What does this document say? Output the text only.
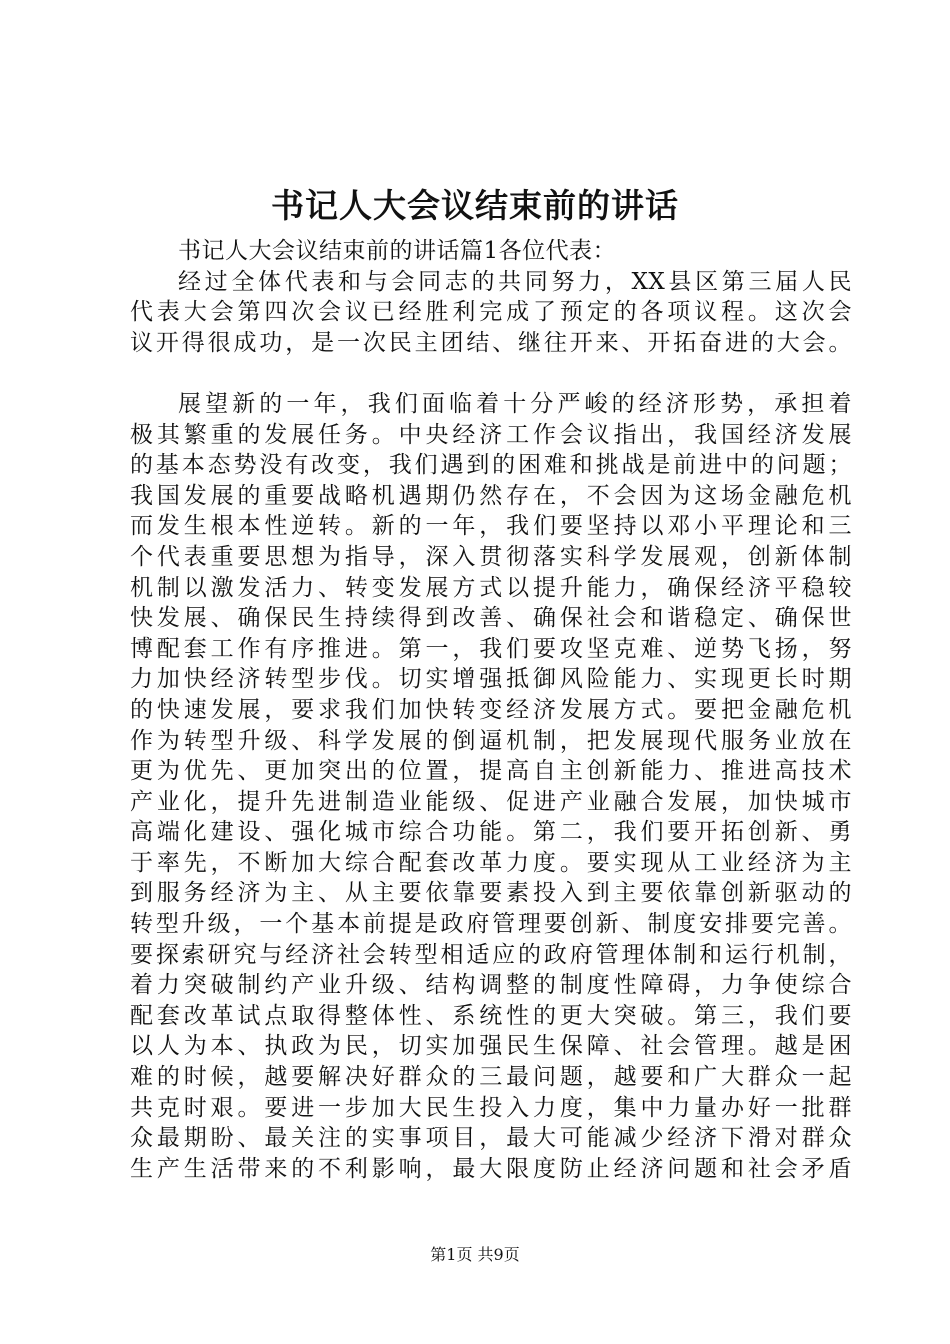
书记人大会议结束前的讲话
书记人大会议结束前的讲话篇1各位代表：
经过全体代表和与会同志的共同努力，XX县区第三届人民
代表大会第四次会议已经胜利完成了预定的各项议程。这次会
议开得很成功，是一次民主团结、继往开来、开拓奋进的大会。
展望新的一年，我们面临着十分严峻的经济形势，承担着
极其繁重的发展任务。中央经济工作会议指出，我国经济发展
的基本态势没有改变，我们遇到的困难和挑战是前进中的问题；
我国发展的重要战略机遇期仍然存在，不会因为这场金融危机
而发生根本性逆转。新的一年，我们要坚持以邓小平理论和三
个代表重要思想为指导，深入贯彻落实科学发展观，创新体制
机制以激发活力、转变发展方式以提升能力，确保经济平稳较
快发展、确保民生持续得到改善、确保社会和谐稳定、确保世
博配套工作有序推进。第一，我们要攻坚克难、逆势飞扬，努
力加快经济转型步伐。切实增强抵御风险能力、实现更长时期
的快速发展，要求我们加快转变经济发展方式。要把金融危机
作为转型升级、科学发展的倒逼机制，把发展现代服务业放在
更为优先、更加突出的位置，提高自主创新能力、推进高技术
产业化，提升先进制造业能级、促进产业融合发展，加快城市
高端化建设、强化城市综合功能。第二，我们要开拓创新、勇
于率先，不断加大综合配套改革力度。要实现从工业经济为主
到服务经济为主、从主要依靠要素投入到主要依靠创新驱动的
转型升级，一个基本前提是政府管理要创新、制度安排要完善。
要探索研究与经济社会转型相适应的政府管理体制和运行机制，
着力突破制约产业升级、结构调整的制度性障碍，力争使综合
配套改革试点取得整体性、系统性的更大突破。第三，我们要
以人为本、执政为民，切实加强民生保障、社会管理。越是困
难的时候，越要解决好群众的三最问题，越要和广大群众一起
共克时艰。要进一步加大民生投入力度，集中力量办好一批群
众最期盼、最关注的实事项目，最大可能减少经济下滑对群众
生产生活带来的不利影响，最大限度防止经济问题和社会矛盾
第1页 共9页
